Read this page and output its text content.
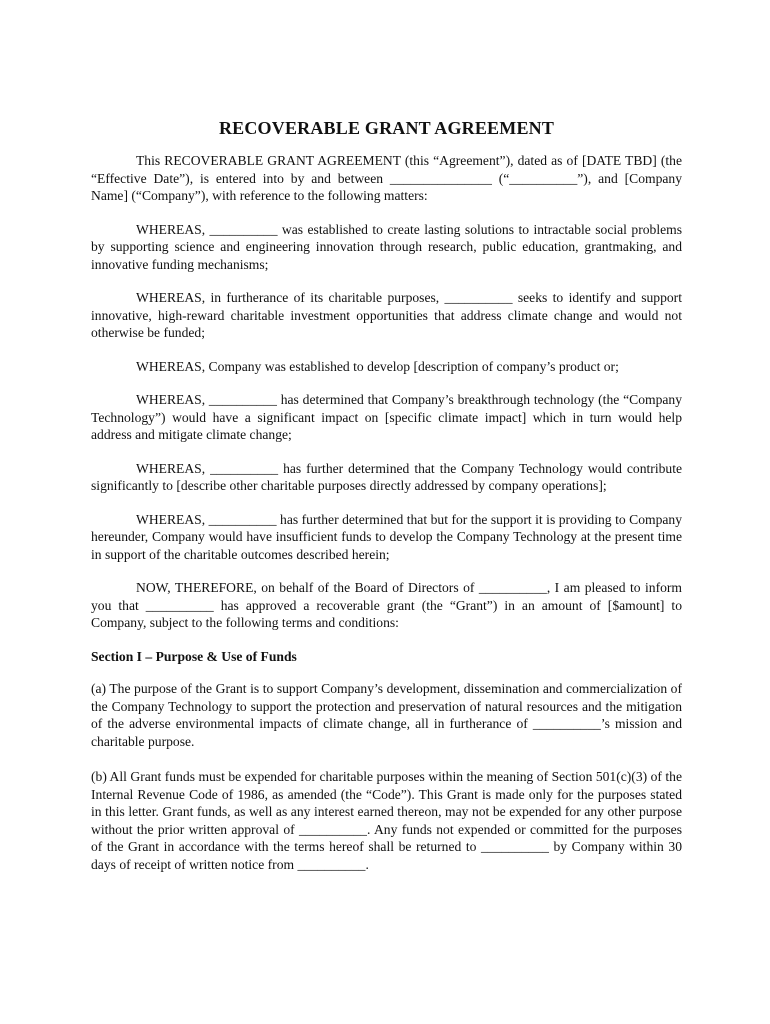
RECOVERABLE GRANT AGREEMENT

This RECOVERABLE GRANT AGREEMENT (this “Agreement”), dated as of [DATE TBD] (the “Effective Date”), is entered into by and between _______________ (“__________”), and [Company Name] (“Company”), with reference to the following matters:

WHEREAS, __________ was established to create lasting solutions to intractable social problems by supporting science and engineering innovation through research, public education, grantmaking, and innovative funding mechanisms;

WHEREAS, in furtherance of its charitable purposes, __________ seeks to identify and support innovative, high-reward charitable investment opportunities that address climate change and would not otherwise be funded;

WHEREAS, Company was established to develop [description of company’s product or;

WHEREAS, __________ has determined that Company’s breakthrough technology (the “Company Technology”) would have a significant impact on [specific climate impact] which in turn would help address and mitigate climate change;

WHEREAS, __________ has further determined that the Company Technology would contribute significantly to [describe other charitable purposes directly addressed by company operations];

WHEREAS, __________ has further determined that but for the support it is providing to Company hereunder, Company would have insufficient funds to develop the Company Technology at the present time in support of the charitable outcomes described herein;

NOW, THEREFORE, on behalf of the Board of Directors of __________, I am pleased to inform you that __________ has approved a recoverable grant (the “Grant”) in an amount of [$amount] to Company, subject to the following terms and conditions:

Section I – Purpose & Use of Funds

(a) The purpose of the Grant is to support Company’s development, dissemination and commercialization of the Company Technology to support the protection and preservation of natural resources and the mitigation of the adverse environmental impacts of climate change, all in furtherance of __________’s mission and charitable purpose.

(b) All Grant funds must be expended for charitable purposes within the meaning of Section 501(c)(3) of the Internal Revenue Code of 1986, as amended (the “Code”). This Grant is made only for the purposes stated in this letter. Grant funds, as well as any interest earned thereon, may not be expended for any other purpose without the prior written approval of __________. Any funds not expended or committed for the purposes of the Grant in accordance with the terms hereof shall be returned to __________ by Company within 30 days of receipt of written notice from __________.
